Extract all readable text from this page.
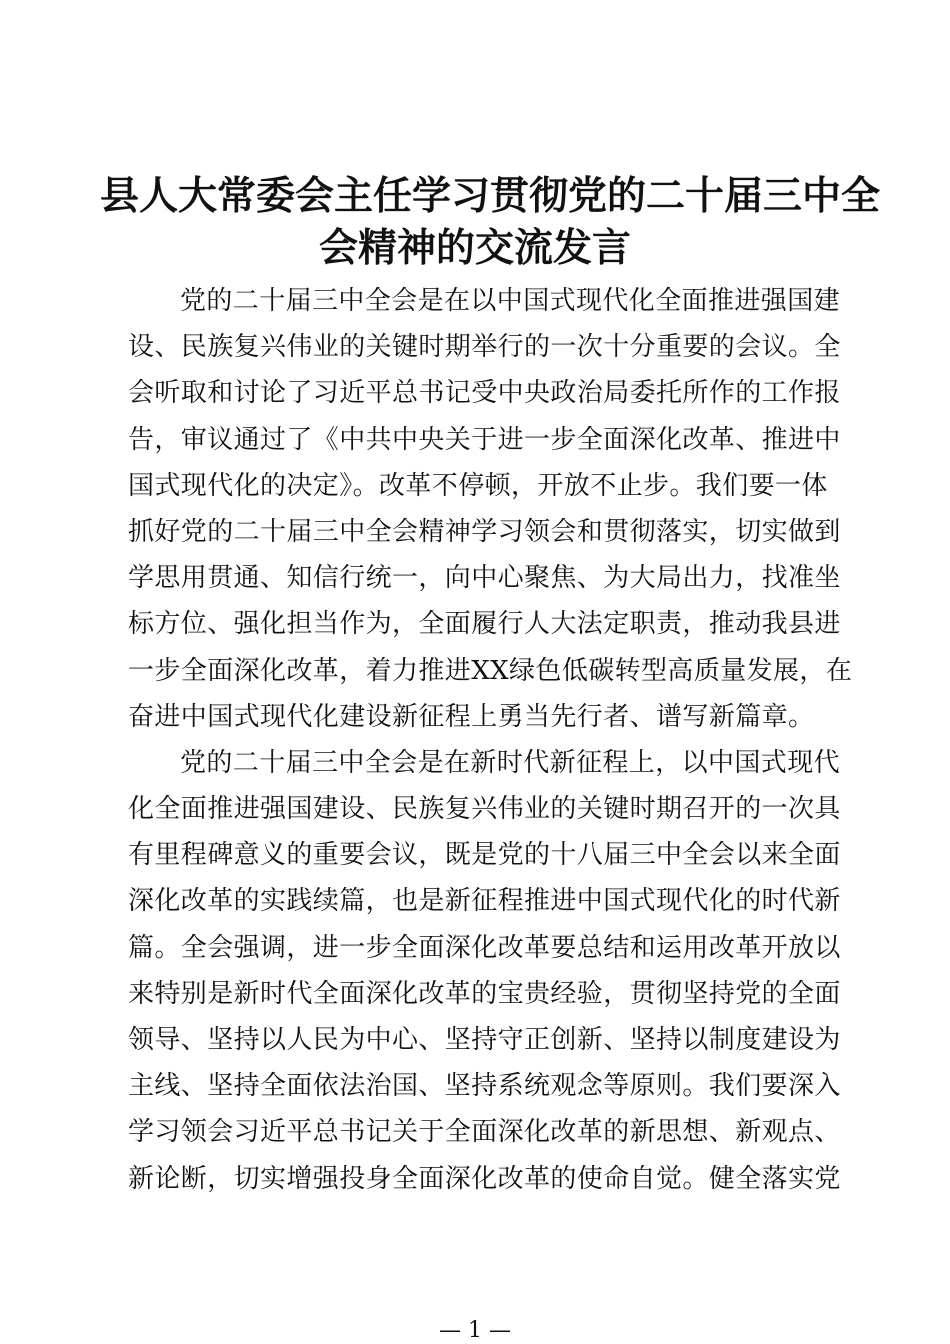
县人大常委会主任学习贯彻党的二十届三中全
会精神的交流发言
党的二十届三中全会是在以中国式现代化全面推进强国建
设、民族复兴伟业的关键时期举行的一次十分重要的会议。全
会听取和讨论了习近平总书记受中央政治局委托所作的工作报
告，审议通过了《中共中央关于进一步全面深化改革、推进中
国式现代化的决定》。改革不停顿，开放不止步。我们要一体
抓好党的二十届三中全会精神学习领会和贯彻落实，切实做到
学思用贯通、知信行统一，向中心聚焦、为大局出力，找准坐
标方位、强化担当作为，全面履行人大法定职责，推动我县进
一步全面深化改革，着力推进XX绿色低碳转型高质量发展，在
奋进中国式现代化建设新征程上勇当先行者、谱写新篇章。
党的二十届三中全会是在新时代新征程上，以中国式现代
化全面推进强国建设、民族复兴伟业的关键时期召开的一次具
有里程碑意义的重要会议，既是党的十八届三中全会以来全面
深化改革的实践续篇，也是新征程推进中国式现代化的时代新
篇。全会强调，进一步全面深化改革要总结和运用改革开放以
来特别是新时代全面深化改革的宝贵经验，贯彻坚持党的全面
领导、坚持以人民为中心、坚持守正创新、坚持以制度建设为
主线、坚持全面依法治国、坚持系统观念等原则。我们要深入
学习领会习近平总书记关于全面深化改革的新思想、新观点、
新论断，切实增强投身全面深化改革的使命自觉。健全落实党
— 1 —
